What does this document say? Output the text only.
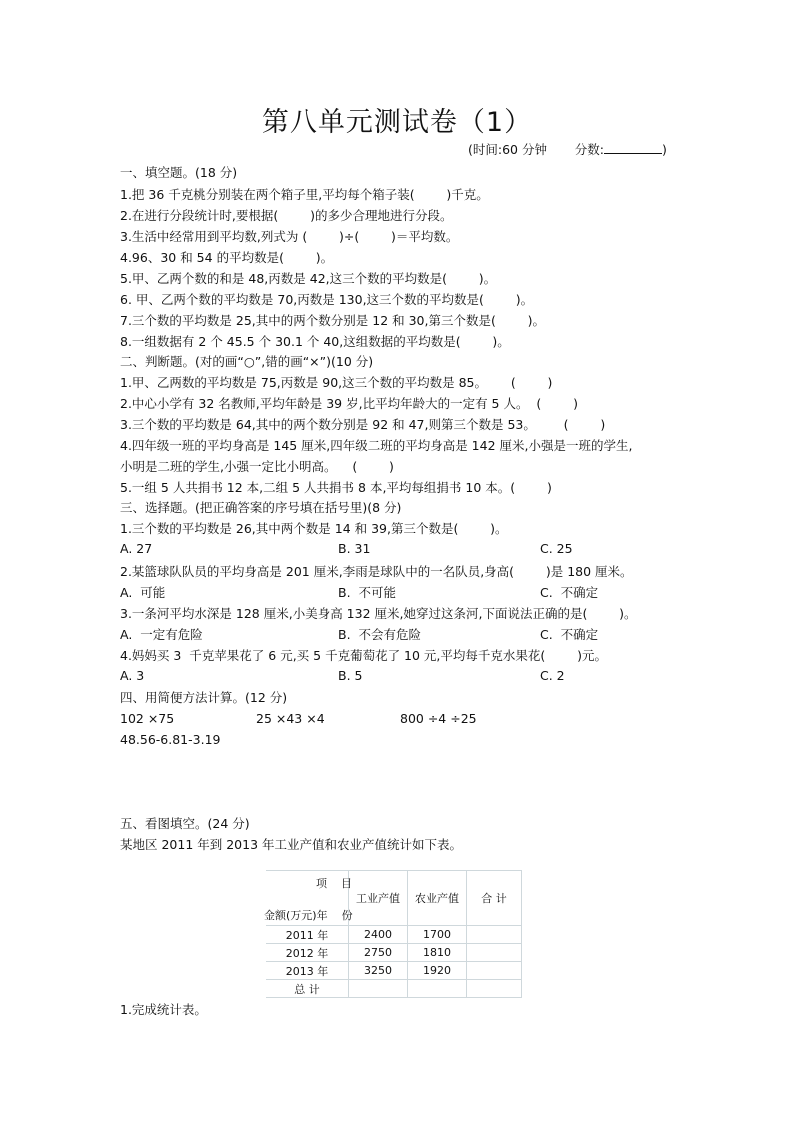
第八单元测试卷（1）
(时间:60 分钟 分数:	)
一、填空题。(18 分)
1.把 36 千克桃分别装在两个箱子里,平均每个箱子装(        )千克。
2.在进行分段统计时,要根据(        )的多少合理地进行分段。
3.生活中经常用到平均数,列式为 (        )÷(        )＝平均数。
4.96、30 和 54 的平均数是(        )。
5.甲、乙两个数的和是 48,丙数是 42,这三个数的平均数是(        )。
6. 甲、乙两个数的平均数是 70,丙数是 130,这三个数的平均数是(        )。
7.三个数的平均数是 25,其中的两个数分别是 12 和 30,第三个数是(        )。
8.一组数据有 2 个 45.5 个 30.1 个 40,这组数据的平均数是(        )。
二、判断题。(对的画“○”,错的画“×”)(10 分)
1.甲、乙两数的平均数是 75,丙数是 90,这三个数的平均数是 85。      (        )
2.中心小学有 32 名教师,平均年龄是 39 岁,比平均年龄大的一定有 5 人。  (        )
3.三个数的平均数是 64,其中的两个数分别是 92 和 47,则第三个数是 53。       (        )
4.四年级一班的平均身高是 145 厘米,四年级二班的平均身高是 142 厘米,小强是一班的学生,
小明是二班的学生,小强一定比小明高。    (        )
5.一组 5 人共捐书 12 本,二组 5 人共捐书 8 本,平均每组捐书 10 本。(        )
三、选择题。(把正确答案的序号填在括号里)(8 分)
1.三个数的平均数是 26,其中两个数是 14 和 39,第三个数是(        )。
A. 27	B. 31	C. 25
2.某篮球队队员的平均身高是 201 厘米,李雨是球队中的一名队员,身高(        )是 180 厘米。
A.  可能	B.  不可能	C.  不确定
3.一条河平均水深是 128 厘米,小美身高 132 厘米,她穿过这条河,下面说法正确的是(        )。
A.  一定有危险	B.  不会有危险	C.  不确定
4.妈妈买 3  千克苹果花了 6 元,买 5 千克葡萄花了 10 元,平均每千克水果花(        )元。
A. 3	B. 5	C. 2
四、用简便方法计算。(12 分)
102 ×75	25 ×43 ×4	800 ÷4 ÷25
48.56-6.81-3.19
五、看图填空。(24 分)
某地区 2011 年到 2013 年工业产值和农业产值统计如下表。
项    目
金额(万元)年    份	工业产值	农业产值	合 计
2011 年	2400	1700	
2012 年	2750	1810	
2013 年	3250	1920	
总 计			
1.完成统计表。
